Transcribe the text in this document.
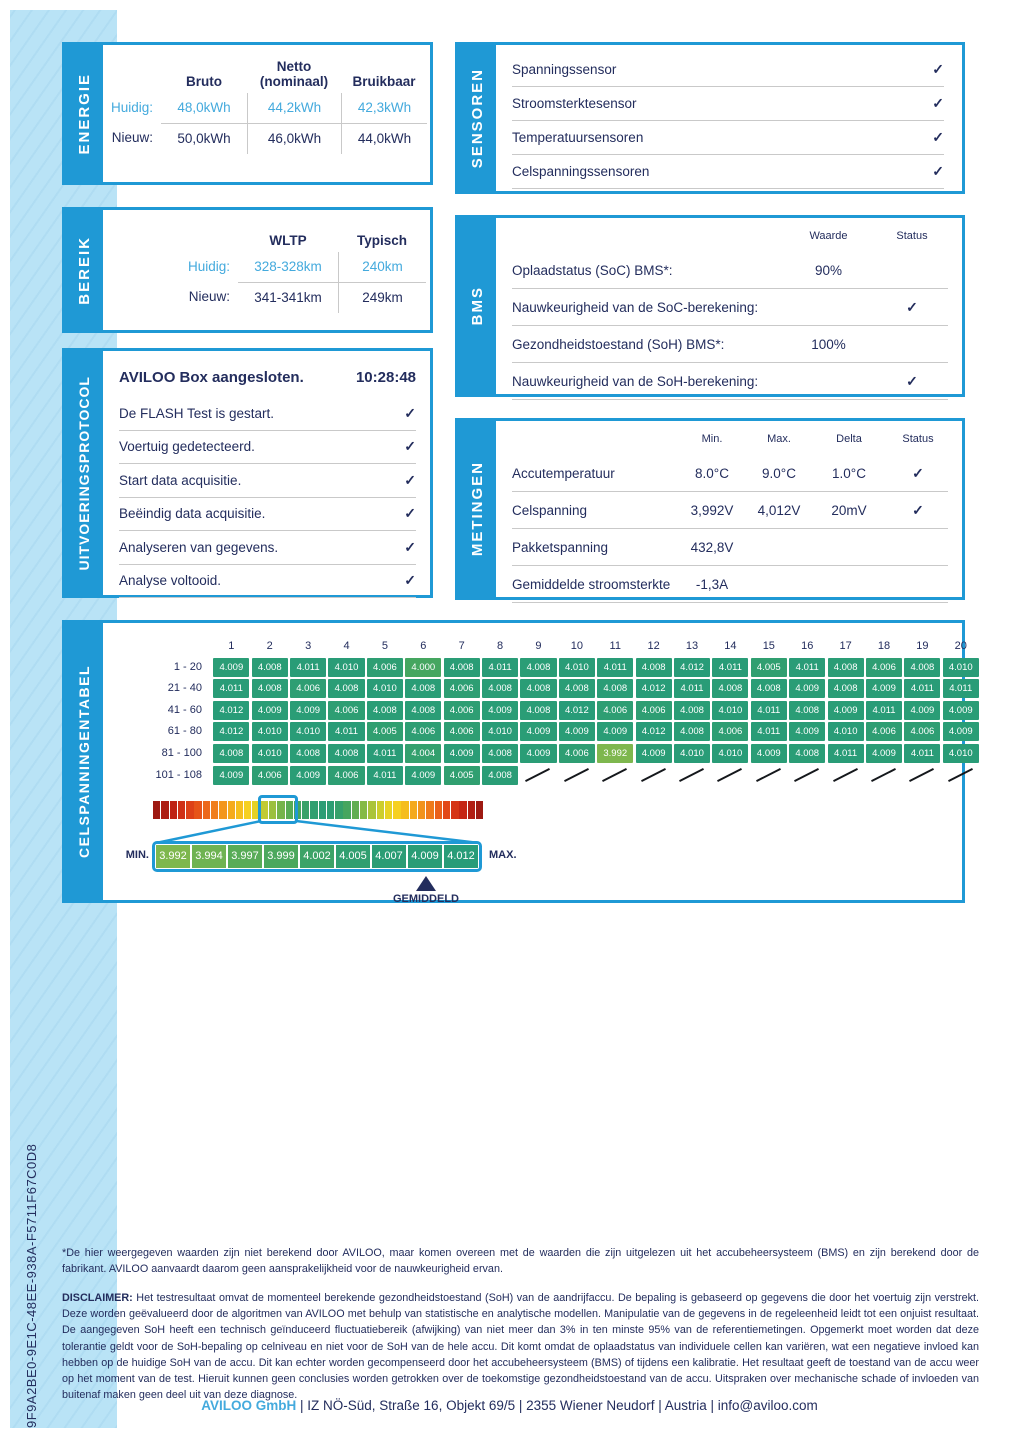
9F9A2BE0-9E1C-48EE-938A-F5711F67C0D8
ENERGIE	Bruto
Netto (nominaal)	Bruikbaar
Huidig:	48,0kWh	44,2kWh	42,3kWh
Nieuw:	50,0kWh	46,0kWh	44,0kWh	SENSOREN Spanningssensor	✓
Stroomsterktesensor	✓
Temperatuursensoren	✓
Celspanningssensoren	✓
BEREIK	WLTP	Typisch
Huidig:	328-328km	240km
Nieuw:	341-341km	249km	BMS
Waarde	Status
Oplaadstatus (SoC) BMS*:	90%
Nauwkeurigheid van de SoC-berekening:	✓
Gezondheidstoestand (SoH) BMS*:	100%
Nauwkeurigheid van de SoH-berekening:	✓
UITVOERINGSPROTOCOL AVILOO Box aangesloten.	10:28:48
De FLASH Test is gestart.	✓
Voertuig gedetecteerd.	✓
Start data acquisitie.	✓
Beëindig data acquisitie.	✓
Analyseren van gegevens.	✓
Analyse voltooid.	✓
METINGEN
Min.	Max.	Delta	Status
Accutemperatuur	8.0°C	9.0°C	1.0°C	✓
Celspanning	3,992V	4,012V	20mV	✓
Pakketspanning	432,8V
Gemiddelde stroomsterkte	-1,3A
CELSPANNINGENTABEL
1	2	3	4	5	6	7	8	9	10	11	12	13	14	15	16	17	18	19	20
1 - 20	4.009	4.008	4.011	4.010	4.006	4.000	4.008	4.011	4.008	4.010	4.011	4.008	4.012	4.011	4.005	4.011	4.008	4.006	4.008	4.010
21 - 40	4.011	4.008	4.006	4.008	4.010	4.008	4.006	4.008	4.008	4.008	4.008	4.012	4.011	4.008	4.008	4.009	4.008	4.009	4.011	4.011
41 - 60	4.012	4.009	4.009	4.006	4.008	4.008	4.006	4.009	4.008	4.012	4.006	4.006	4.008	4.010	4.011	4.008	4.009	4.011	4.009	4.009
61 - 80	4.012	4.010	4.010	4.011	4.005	4.006	4.006	4.010	4.009	4.009	4.009	4.012	4.008	4.006	4.011	4.009	4.010	4.006	4.006	4.009
81 - 100	4.008	4.010	4.008	4.008	4.011	4.004	4.009	4.008	4.009	4.006	3.992	4.009	4.010	4.010	4.009	4.008	4.011	4.009	4.011	4.010
101 - 108	4.009	4.006	4.009	4.006	4.011	4.009	4.005	4.008
MIN. 3.992 3.994 3.997 3.999 4.002 4.005 4.007 4.009 4.012 MAX.
GEMIDDELD
*De hier weergegeven waarden zijn niet berekend door AVILOO, maar komen overeen met de waarden die zijn uitgelezen uit het accubeheersysteem (BMS) en zijn berekend door de fabrikant. AVILOO aanvaardt daarom geen aansprakelijkheid voor de nauwkeurigheid ervan.
DISCLAIMER: Het testresultaat omvat de momenteel berekende gezondheidstoestand (SoH) van de aandrijfaccu. De bepaling is gebaseerd op gegevens die door het voertuig zijn verstrekt. Deze worden geëvalueerd door de algoritmen van AVILOO met behulp van statistische en analytische modellen. Manipulatie van de gegevens in de regeleenheid leidt tot een onjuist resultaat. De aangegeven SoH heeft een technisch geïnduceerd fluctuatiebereik (afwijking) van niet meer dan 3% in ten minste 95% van de referentiemetingen. Opgemerkt moet worden dat deze tolerantie geldt voor de SoH-bepaling op celniveau en niet voor de SoH van de hele accu. Dit komt omdat de oplaadstatus van individuele cellen kan variëren, wat een negatieve invloed kan hebben op de huidige SoH van de accu. Dit kan echter worden gecompenseerd door het accubeheersysteem (BMS) of tijdens een kalibratie. Het resultaat geeft de toestand van de accu weer op het moment van de test. Hieruit kunnen geen conclusies worden getrokken over de toekomstige gezondheidstoestand van de accu. Uitspraken over mechanische schade of invloeden van buitenaf maken geen deel uit van deze diagnose.
AVILOO GmbH | IZ NÖ-Süd, Straße 16, Objekt 69/5 | 2355 Wiener Neudorf | Austria | info@aviloo.com
